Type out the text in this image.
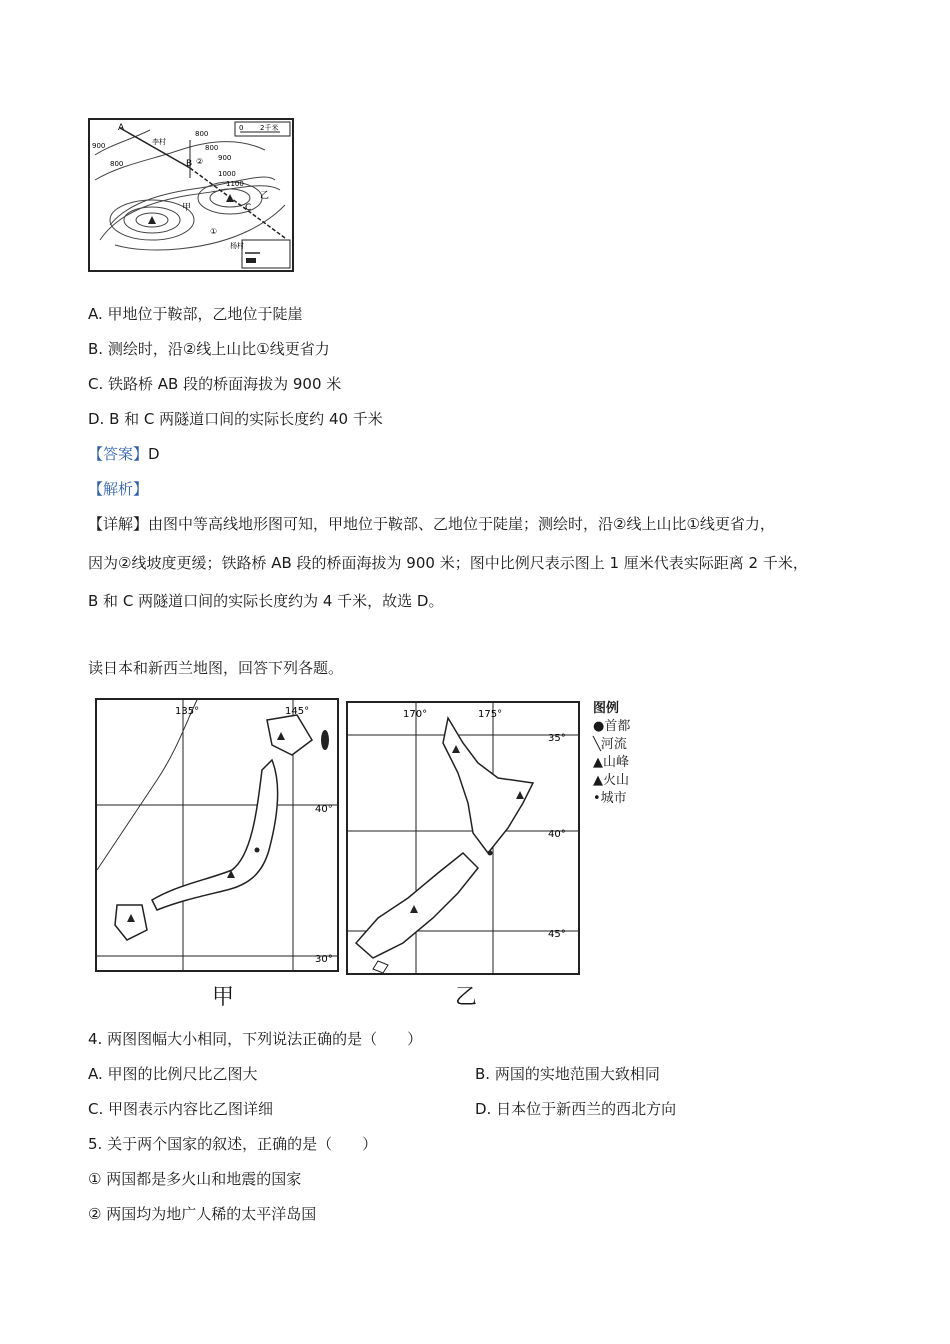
0 2千米
A
B
C
900
800
800
800
900
1000
1100
甲
乙
李村
杨村
②
①
A. 甲地位于鞍部，乙地位于陡崖
B. 测绘时，沿②线上山比①线更省力
C. 铁路桥 AB 段的桥面海拔为 900 米
D. B 和 C 两隧道口间的实际长度约 40 千米
【答案】D
【解析】
【详解】由图中等高线地形图可知，甲地位于鞍部、乙地位于陡崖；测绘时，沿②线上山比①线更省力，
因为②线坡度更缓；铁路桥 AB 段的桥面海拔为 900 米；图中比例尺表示图上 1 厘米代表实际距离 2 千米，
B 和 C 两隧道口间的实际长度约为 4 千米，故选 D。
读日本和新西兰地图，回答下列各题。
135°	145°
40°
30°
170°	175°
35°
40°
45°
甲	乙
图例
●首都
╲河流
▲山峰
▲火山
•城市
4. 两图图幅大小相同，下列说法正确的是（　　）
A. 甲图的比例尺比乙图大	B. 两国的实地范围大致相同
C. 甲图表示内容比乙图详细	D. 日本位于新西兰的西北方向
5. 关于两个国家的叙述，正确的是（　　）
① 两国都是多火山和地震的国家
② 两国均为地广人稀的太平洋岛国
